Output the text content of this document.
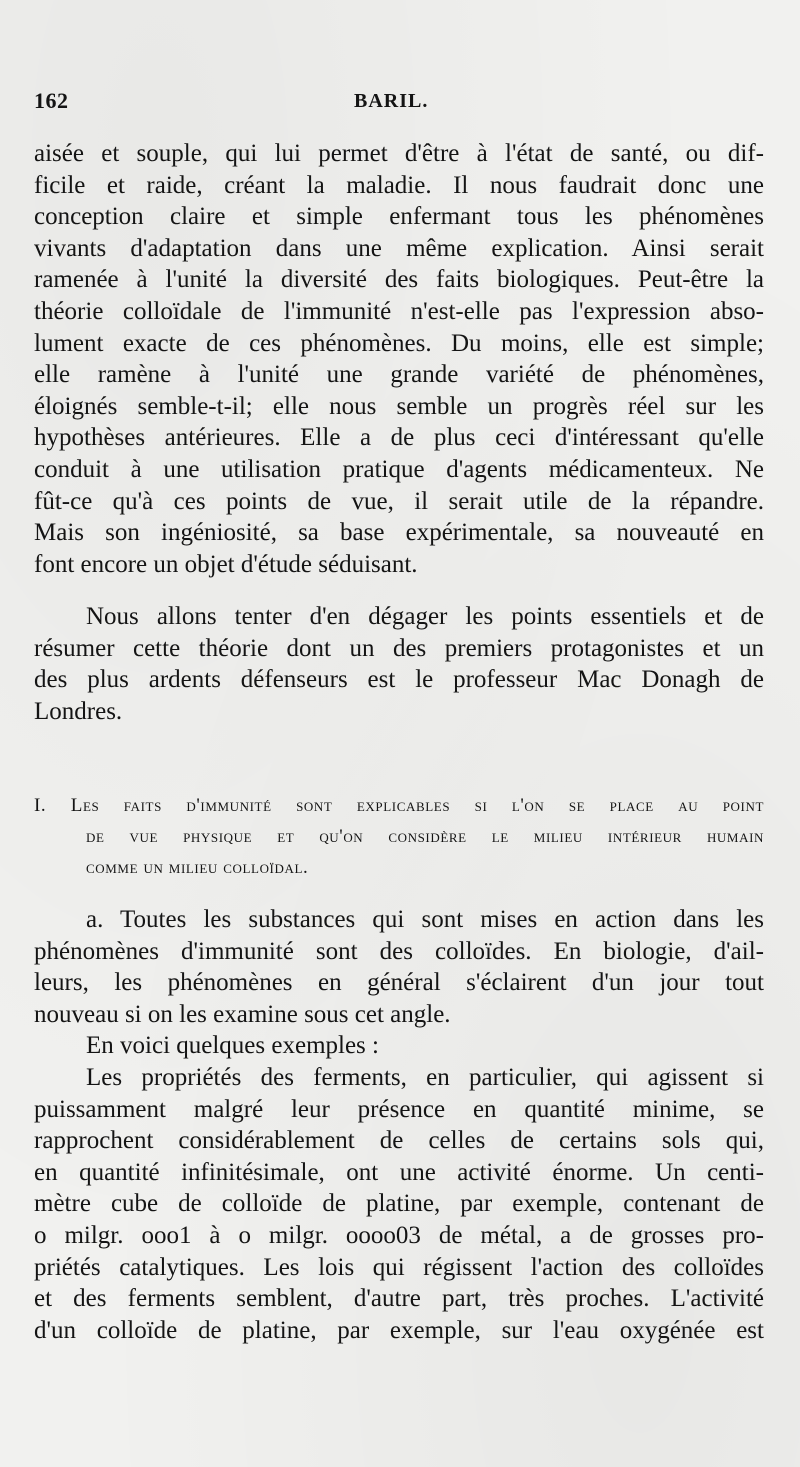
162	BARIL.

aisée et souple, qui lui permet d'être à l'état de santé, ou dif-
ficile et raide, créant la maladie. Il nous faudrait donc une
conception claire et simple enfermant tous les phénomènes
vivants d'adaptation dans une même explication. Ainsi serait
ramenée à l'unité la diversité des faits biologiques. Peut-être la
théorie colloïdale de l'immunité n'est-elle pas l'expression abso-
lument exacte de ces phénomènes. Du moins, elle est simple;
elle ramène à l'unité une grande variété de phénomènes,
éloignés semble-t-il; elle nous semble un progrès réel sur les
hypothèses antérieures. Elle a de plus ceci d'intéressant qu'elle
conduit à une utilisation pratique d'agents médicamenteux. Ne
fût-ce qu'à ces points de vue, il serait utile de la répandre.
Mais son ingéniosité, sa base expérimentale, sa nouveauté en
font encore un objet d'étude séduisant.

Nous allons tenter d'en dégager les points essentiels et de
résumer cette théorie dont un des premiers protagonistes et un
des plus ardents défenseurs est le professeur Mac Donagh de
Londres.

I. Les faits d'immunité sont explicables si l'on se place au point
de vue physique et qu'on considère le milieu intérieur humain
comme un milieu colloïdal.
a. Toutes les substances qui sont mises en action dans les
phénomènes d'immunité sont des colloïdes. En biologie, d'ail-
leurs, les phénomènes en général s'éclairent d'un jour tout
nouveau si on les examine sous cet angle.
En voici quelques exemples :
Les propriétés des ferments, en particulier, qui agissent si
puissamment malgré leur présence en quantité minime, se
rapprochent considérablement de celles de certains sols qui,
en quantité infinitésimale, ont une activité énorme. Un centi-
mètre cube de colloïde de platine, par exemple, contenant de
o milgr. ooo1 à o milgr. oooo03 de métal, a de grosses pro-
priétés catalytiques. Les lois qui régissent l'action des colloïdes
et des ferments semblent, d'autre part, très proches. L'activité
d'un colloïde de platine, par exemple, sur l'eau oxygénée est
